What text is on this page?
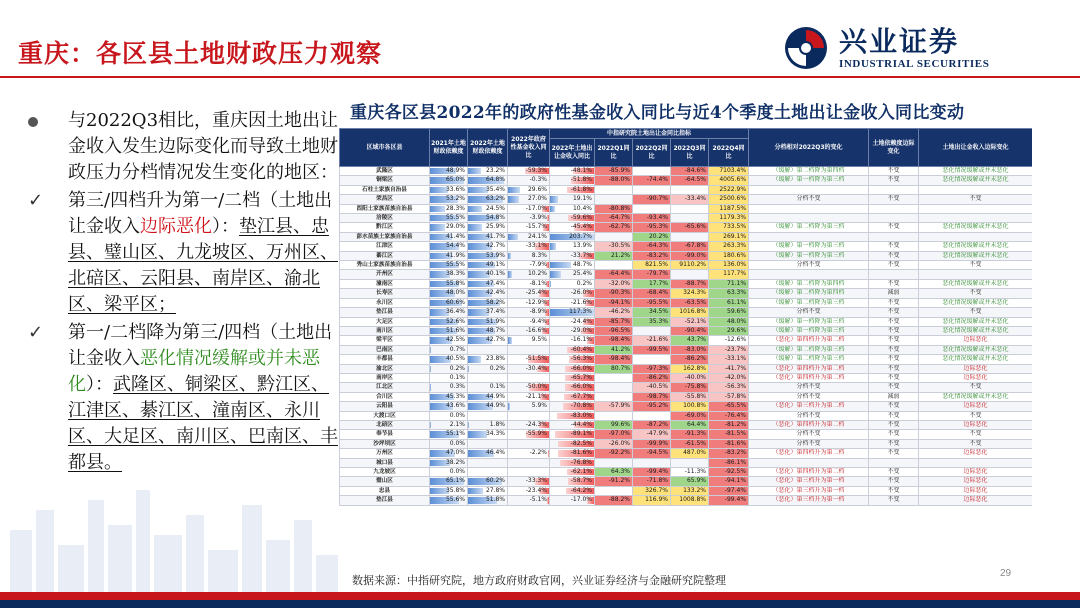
重庆：各区县土地财政压力观察	兴业证券
INDUSTRIAL SECURITIES
与2022Q3相比，重庆因土地出让金收入发生边际变化而导致土地财政压力分档情况发生变化的地区：
✓ 第三/四档升为第一/二档（土地出让金收入边际恶化）：垫江县、忠县、璧山区、九龙坡区、万州区、北碚区、云阳县、南岸区、渝北区、梁平区；
✓ 第一/二档降为第三/四档（土地出让金收入恶化情况缓解或并未恶化）：武隆区、铜梁区、黔江区、江津区、綦江区、潼南区、永川区、大足区、南川区、巴南区、丰都县。
重庆各区县2022年的政府性基金收入同比与近4个季度土地出让金收入同比变动
区域市各区县	2021年土地财政依赖度	2022年土地财政依赖度	2022年政府性基金收入同比	中指研究院土地出让金同比指标					分档相对2022Q3的变化	土地依赖度边际变化	土地出让金收入边际变化
				2022年土地出让金收入同比	2022Q1同比	2022Q2同比	2022Q3同比	2022Q4同比			
武隆区	48.9%	23.2%	-59.3%	-48.1%	-85.9%		-84.6%	7103.4%	（缓解）第二档降为第四档	不变	恶化情况缓解或并未恶化
铜梁区	65.0%	64.8%	-0.3%	-51.8%	-88.0%	-74.4%	-64.5%	4005.6%	（缓解）第一档降为第三档	不变	恶化情况缓解或并未恶化
石柱土家族自治县	33.6%	35.4%	29.6%	-61.8%				2522.9%			
荣昌区	53.2%	63.2%	27.0%	19.1%		-90.7%	-33.4%	2500.6%	分档不变	不变	不变
酉阳土家族苗族自治县	28.3%	24.5%	-17.0%	10.4%	-80.8%			1187.5%			
涪陵区	55.5%	54.8%	-3.9%	-59.6%	-64.7%	-93.4%		1179.3%			
黔江区	29.0%	25.9%	-15.7%	-45.4%	-62.7%	-95.3%	-65.6%	733.5%	（缓解）第二档降为第三档	不变	恶化情况缓解或并未恶化
彭水苗族土家族自治县	41.4%	41.7%	24.1%	203.7%		20.2%		269.1%			
江津区	54.4%	42.7%	-33.1%	13.9%	-30.5%	-64.3%	-67.8%	263.3%	（缓解）第一档降为第三档	不变	恶化情况缓解或并未恶化
綦江区	41.9%	53.9%	8.3%	-33.7%	21.2%	-83.2%	-99.0%	180.6%	（缓解）第一档降为第三档	不变	恶化情况缓解或并未恶化
秀山土家族苗族自治县	55.5%	49.1%	-7.9%	48.7%		821.5%	9110.2%	136.0%	分档不变	不变	不变
开州区	38.3%	40.1%	10.2%	25.4%	-64.4%	-79.7%		117.7%			
潼南区	55.8%	47.4%	-8.1%	0.2%	-32.0%	17.7%	-88.7%	71.1%	（缓解）第二档降为第四档	不变	恶化情况缓解或并未恶化
长寿区	48.0%	42.4%	-25.4%	-26.0%	-90.3%	-68.4%	324.3%	63.3%	（缓解）第二档降为第四档	减弱	不变
永川区	60.6%	58.2%	-12.9%	-21.6%	-94.1%	-95.5%	-63.5%	61.1%	（缓解）第二档降为第三档	不变	恶化情况缓解或并未恶化
垫江县	36.4%	37.4%	-8.9%	117.3%	-46.2%	34.5%	1016.8%	59.6%	分档不变	不变	不变
大足区	52.6%	51.9%	-9.4%	-24.4%	-85.7%	35.3%	-52.1%	48.0%	（缓解）第一档降为第三档	不变	恶化情况缓解或并未恶化
南川区	51.6%	48.7%	-16.6%	-29.0%	-96.5%		-90.4%	29.6%	（缓解）第一档降为第三档	不变	恶化情况缓解或并未恶化
梁平区	42.5%	42.7%	9.5%	-16.1%	-98.4%	-21.6%	43.7%	-12.6%	（恶化）第四档升为第二档	不变	边际恶化
巴南区	0.7%			-60.4%	41.2%	-99.5%	-83.0%	-23.7%	（缓解）第二档降为第三档	不变	恶化情况缓解或并未恶化
丰都县	40.5%	23.8%	-51.5%	-56.3%	-98.4%		-86.2%	-33.1%	（缓解）第二档降为第三档	不变	恶化情况缓解或并未恶化
渝北区	0.2%	0.2%	-30.4%	-66.0%	80.7%	-97.3%	162.8%	-41.7%	（恶化）第四档升为第二档	不变	边际恶化
南岸区	0.1%			-65.7%		-86.2%	-40.0%	-42.0%	（恶化）第四档升为第二档	不变	边际恶化
江北区	0.3%	0.1%	-50.0%	-66.0%		-40.5%	-75.8%	-56.3%	分档不变	不变	不变
合川区	45.3%	44.9%	-21.1%	-67.7%		-98.7%	-55.8%	-57.8%	分档不变	减弱	恶化情况缓解或并未恶化
云阳县	43.6%	44.9%	5.9%	-70.8%	-57.9%	-95.2%	100.8%	-65.5%	（恶化）第三档升为第二档	不变	边际恶化
大渡口区	0.0%			-83.0%			-69.0%	-76.4%	分档不变	不变	不变
北碚区	2.1%	1.8%	-24.3%	-44.4%	99.6%	-87.2%	64.4%	-81.2%	（恶化）第四档升为第二档	不变	边际恶化
奉节县	55.1%	34.3%	-55.9%	-89.1%	-97.0%	-47.9%	-91.3%	-81.5%	分档不变	不变	不变
沙坪坝区	0.0%			-82.5%	-26.0%	-99.9%	-61.5%	-81.6%	分档不变	不变	不变
万州区	47.0%	46.4%	-2.2%	-81.6%	-92.2%	-94.5%	487.0%	-83.2%	（恶化）第四档升为第二档	不变	边际恶化
城口县	38.2%			-76.8%				-86.1%			
九龙坡区	0.0%			-62.1%	64.3%	-99.4%	-11.3%	-92.5%	（恶化）第四档升为第二档	不变	边际恶化
璧山区	65.1%	60.2%	-33.3%	-58.7%	-91.2%	-71.8%	65.9%	-94.1%	（恶化）第三档升为第一档	不变	边际恶化
忠县	35.8%	27.8%	-23.4%	-64.2%		326.7%	133.2%	-97.4%	（恶化）第三档升为第一档	不变	边际恶化
垫江县	55.6%	51.8%	-5.1%	-17.0%	-88.2%	116.9%	1008.8%	-99.4%	（恶化）第三档升为第一档	不变	边际恶化
数据来源：中指研究院，地方政府财政官网，兴业证券经济与金融研究院整理
29
